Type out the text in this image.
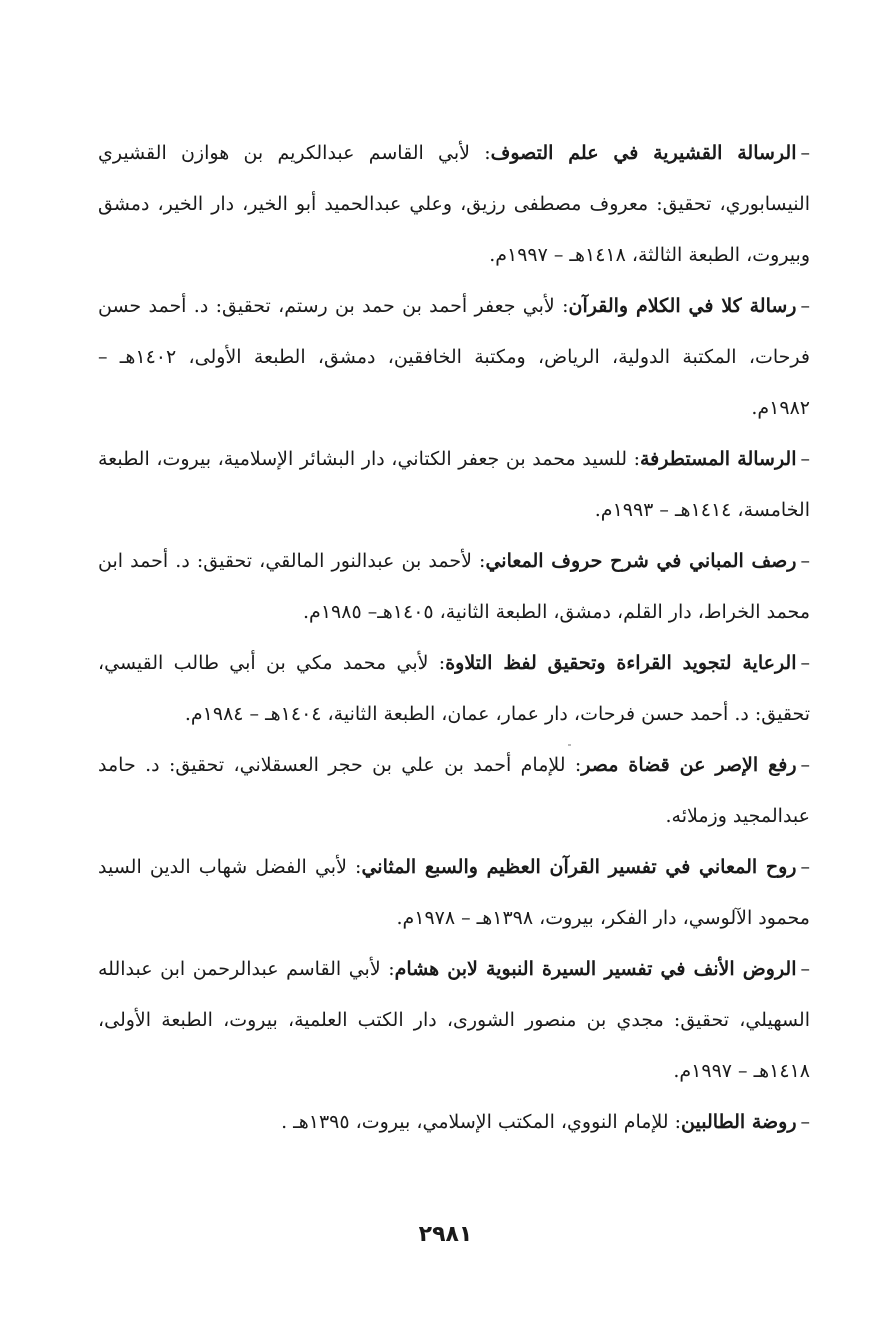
–الرسالة القشيرية في علم التصوف: لأبي القاسم عبدالكريم بن هوازن القشيري النيسابوري، تحقيق: معروف مصطفى رزيق، وعلي عبدالحميد أبو الخير، دار الخير، دمشق وبيروت، الطبعة الثالثة، ١٤١٨هـ – ١٩٩٧م.

–رسالة كلا في الكلام والقرآن: لأبي جعفر أحمد بن حمد بن رستم، تحقيق: د. أحمد حسن فرحات، المكتبة الدولية، الرياض، ومكتبة الخافقين، دمشق، الطبعة الأولى، ١٤٠٢هـ – ١٩٨٢م.

–الرسالة المستطرفة: للسيد محمد بن جعفر الكتاني، دار البشائر الإسلامية، بيروت، الطبعة الخامسة، ١٤١٤هـ – ١٩٩٣م.

–رصف المباني في شرح حروف المعاني: لأحمد بن عبدالنور المالقي، تحقيق: د. أحمد ابن محمد الخراط، دار القلم، دمشق، الطبعة الثانية، ١٤٠٥هـ– ١٩٨٥م.

–الرعاية لتجويد القراءة وتحقيق لفظ التلاوة: لأبي محمد مكي بن أبي طالب القيسي، تحقيق: د. أحمد حسن فرحات، دار عمار، عمان، الطبعة الثانية، ١٤٠٤هـ – ١٩٨٤م.

–رفع الإصر عن قضاة مصر: للإمام أحمد بن علي بن حجر العسقلاني، تحقيق: د. حامد عبدالمجيد وزملائه.

–روح المعاني في تفسير القرآن العظيم والسبع المثاني: لأبي الفضل شهاب الدين السيد محمود الآلوسي، دار الفكر، بيروت، ١٣٩٨هـ – ١٩٧٨م.

–الروض الأنف في تفسير السيرة النبوية لابن هشام: لأبي القاسم عبدالرحمن ابن عبدالله السهيلي، تحقيق: مجدي بن منصور الشورى، دار الكتب العلمية، بيروت، الطبعة الأولى، ١٤١٨هـ – ١٩٩٧م.

–روضة الطالبين: للإمام النووي، المكتب الإسلامي، بيروت، ١٣٩٥هـ .

٢٩٨١
